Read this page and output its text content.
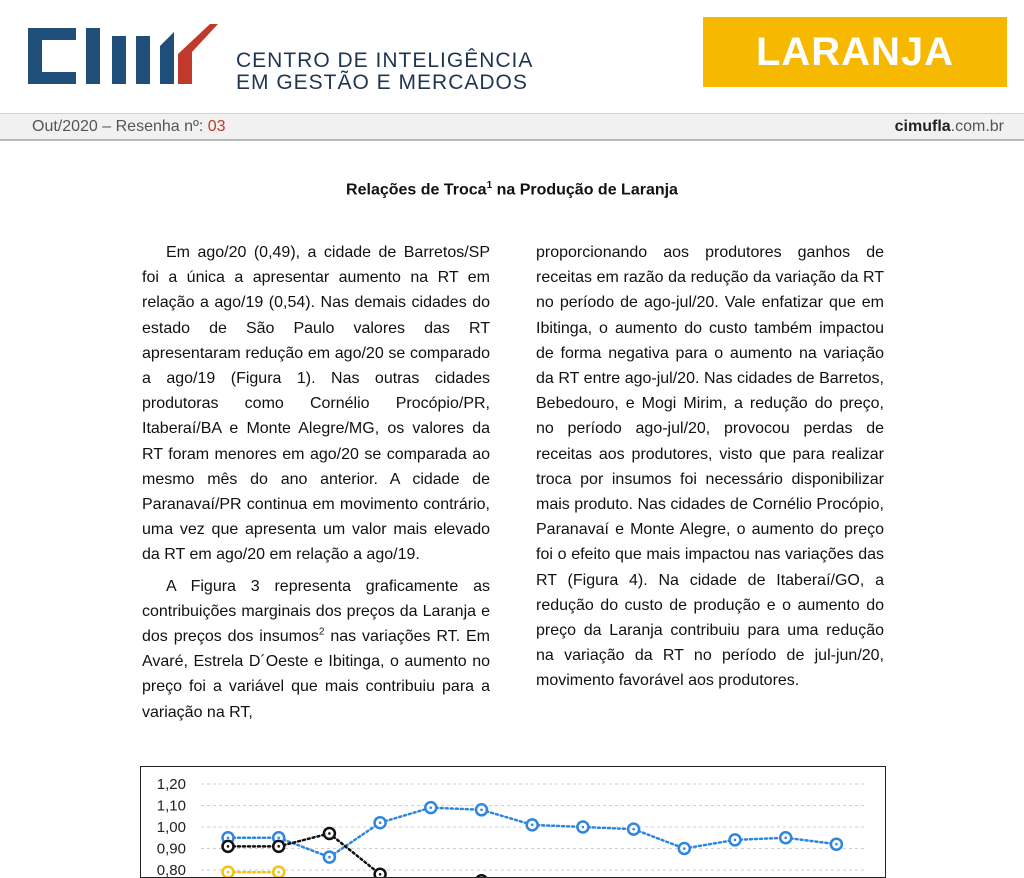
CENTRO DE INTELIGÊNCIA
EM GESTÃO E MERCADOS
LARANJA
Out/2020 – Resenha nº: 03	cimufla.com.br
Relações de Troca$^1$ na Produção de Laranja

Em ago/20 (0,49), a cidade de Barretos/SP foi a única a apresentar aumento na RT em relação a ago/19 (0,54). Nas demais cidades do estado de São Paulo valores das RT apresentaram redução em ago/20 se comparado a ago/19 (Figura 1). Nas outras cidades produtoras como Cornélio Procópio/PR, Itaberaí/BA e Monte Alegre/MG, os valores da RT foram menores em ago/20 se comparada ao mesmo mês do ano anterior. A cidade de Paranavaí/PR continua em movimento contrário, uma vez que apresenta um valor mais elevado da RT em ago/20 em relação a ago/19.

A Figura 3 representa graficamente as contribuições marginais dos preços da Laranja e dos preços dos insumos$^2$ nas variações RT. Em Avaré, Estrela D´Oeste e Ibitinga, o aumento no preço foi a variável que mais contribuiu para a variação na RT,

proporcionando aos produtores ganhos de receitas em razão da redução da variação da RT no período de ago-jul/20. Vale enfatizar que em Ibitinga, o aumento do custo também impactou de forma negativa para o aumento na variação da RT entre ago-jul/20. Nas cidades de Barretos, Bebedouro, e Mogi Mirim, a redução do preço, no período ago-jul/20, provocou perdas de receitas aos produtores, visto que para realizar troca por insumos foi necessário disponibilizar mais produto. Nas cidades de Cornélio Procópio, Paranavaí e Monte Alegre, o aumento do preço foi o efeito que mais impactou nas variações das RT (Figura 4). Na cidade de Itaberaí/GO, a redução do custo de produção e o aumento do preço da Laranja contribuiu para uma redução na variação da RT no período de jul-jun/20, movimento favorável aos produtores.

1,20
1,10
1,00
0,90
0,80
